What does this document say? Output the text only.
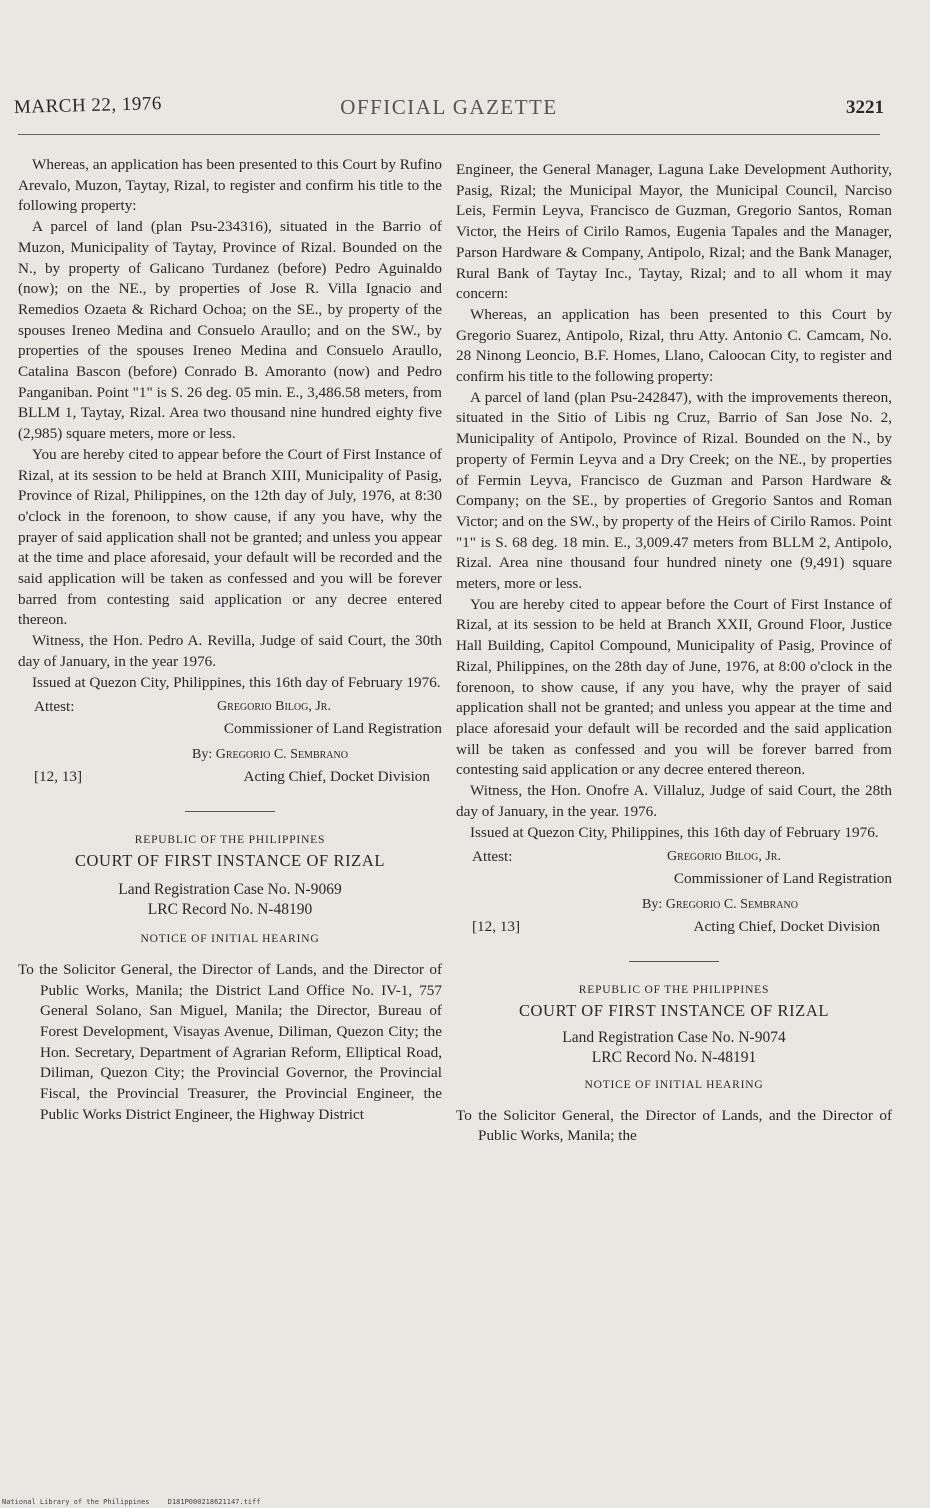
MARCH 22, 1976	OFFICIAL GAZETTE	3221

Whereas, an application has been presented to this Court by Rufino Arevalo, Muzon, Taytay, Rizal, to register and confirm his title to the following property:

A parcel of land (plan Psu-234316), situated in the Barrio of Muzon, Municipality of Taytay, Province of Rizal. Bounded on the N., by property of Galicano Turdanez (before) Pedro Aguinaldo (now); on the NE., by properties of Jose R. Villa Ignacio and Remedios Ozaeta & Richard Ochoa; on the SE., by property of the spouses Ireneo Medina and Consuelo Araullo; and on the SW., by properties of the spouses Ireneo Medina and Consuelo Araullo, Catalina Bascon (before) Conrado B. Amoranto (now) and Pedro Panganiban. Point "1" is S. 26 deg. 05 min. E., 3,486.58 meters, from BLLM 1, Taytay, Rizal. Area two thousand nine hundred eighty five (2,985) square meters, more or less.

You are hereby cited to appear before the Court of First Instance of Rizal, at its session to be held at Branch XIII, Municipality of Pasig, Province of Rizal, Philippines, on the 12th day of July, 1976, at 8:30 o'clock in the forenoon, to show cause, if any you have, why the prayer of said application shall not be granted; and unless you appear at the time and place aforesaid, your default will be recorded and the said application will be taken as confessed and you will be forever barred from contesting said application or any decree entered thereon.

Witness, the Hon. Pedro A. Revilla, Judge of said Court, the 30th day of January, in the year 1976.

Issued at Quezon City, Philippines, this 16th day of February 1976.

Attest:	Gregorio Bilog, Jr.
Commissioner of Land Registration
By: Gregorio C. Sembrano
[12, 13]	Acting Chief, Docket Division

REPUBLIC OF THE PHILIPPINES

COURT OF FIRST INSTANCE OF RIZAL

Land Registration Case No. N-9069

LRC Record No. N-48190

NOTICE OF INITIAL HEARING

To the Solicitor General, the Director of Lands, and the Director of Public Works, Manila; the District Land Office No. IV-1, 757 General Solano, San Miguel, Manila; the Director, Bureau of Forest Development, Visayas Avenue, Diliman, Quezon City; the Hon. Secretary, Department of Agrarian Reform, Elliptical Road, Diliman, Quezon City; the Provincial Governor, the Provincial Fiscal, the Provincial Treasurer, the Provincial Engineer, the Public Works District Engineer, the Highway District

Engineer, the General Manager, Laguna Lake Development Authority, Pasig, Rizal; the Municipal Mayor, the Municipal Council, Narciso Leis, Fermin Leyva, Francisco de Guzman, Gregorio Santos, Roman Victor, the Heirs of Cirilo Ramos, Eugenia Tapales and the Manager, Parson Hardware & Company, Antipolo, Rizal; and the Bank Manager, Rural Bank of Taytay Inc., Taytay, Rizal; and to all whom it may concern:

Whereas, an application has been presented to this Court by Gregorio Suarez, Antipolo, Rizal, thru Atty. Antonio C. Camcam, No. 28 Ninong Leoncio, B.F. Homes, Llano, Caloocan City, to register and confirm his title to the following property:

A parcel of land (plan Psu-242847), with the improvements thereon, situated in the Sitio of Libis ng Cruz, Barrio of San Jose No. 2, Municipality of Antipolo, Province of Rizal. Bounded on the N., by property of Fermin Leyva and a Dry Creek; on the NE., by properties of Fermin Leyva, Francisco de Guzman and Parson Hardware & Company; on the SE., by properties of Gregorio Santos and Roman Victor; and on the SW., by property of the Heirs of Cirilo Ramos. Point "1" is S. 68 deg. 18 min. E., 3,009.47 meters from BLLM 2, Antipolo, Rizal. Area nine thousand four hundred ninety one (9,491) square meters, more or less.

You are hereby cited to appear before the Court of First Instance of Rizal, at its session to be held at Branch XXII, Ground Floor, Justice Hall Building, Capitol Compound, Municipality of Pasig, Province of Rizal, Philippines, on the 28th day of June, 1976, at 8:00 o'clock in the forenoon, to show cause, if any you have, why the prayer of said application shall not be granted; and unless you appear at the time and place aforesaid your default will be recorded and the said application will be taken as confessed and you will be forever barred from contesting said application or any decree entered thereon.

Witness, the Hon. Onofre A. Villaluz, Judge of said Court, the 28th day of January, in the year. 1976.

Issued at Quezon City, Philippines, this 16th day of February 1976.

Attest:	Gregorio Bilog, Jr.
Commissioner of Land Registration
By: Gregorio C. Sembrano
[12, 13]	Acting Chief, Docket Division

REPUBLIC OF THE PHILIPPINES

COURT OF FIRST INSTANCE OF RIZAL

Land Registration Case No. N-9074

LRC Record No. N-48191

NOTICE OF INITIAL HEARING

To the Solicitor General, the Director of Lands, and the Director of Public Works, Manila; the

National Library of the Philippines	D181P000218621147.tiff
